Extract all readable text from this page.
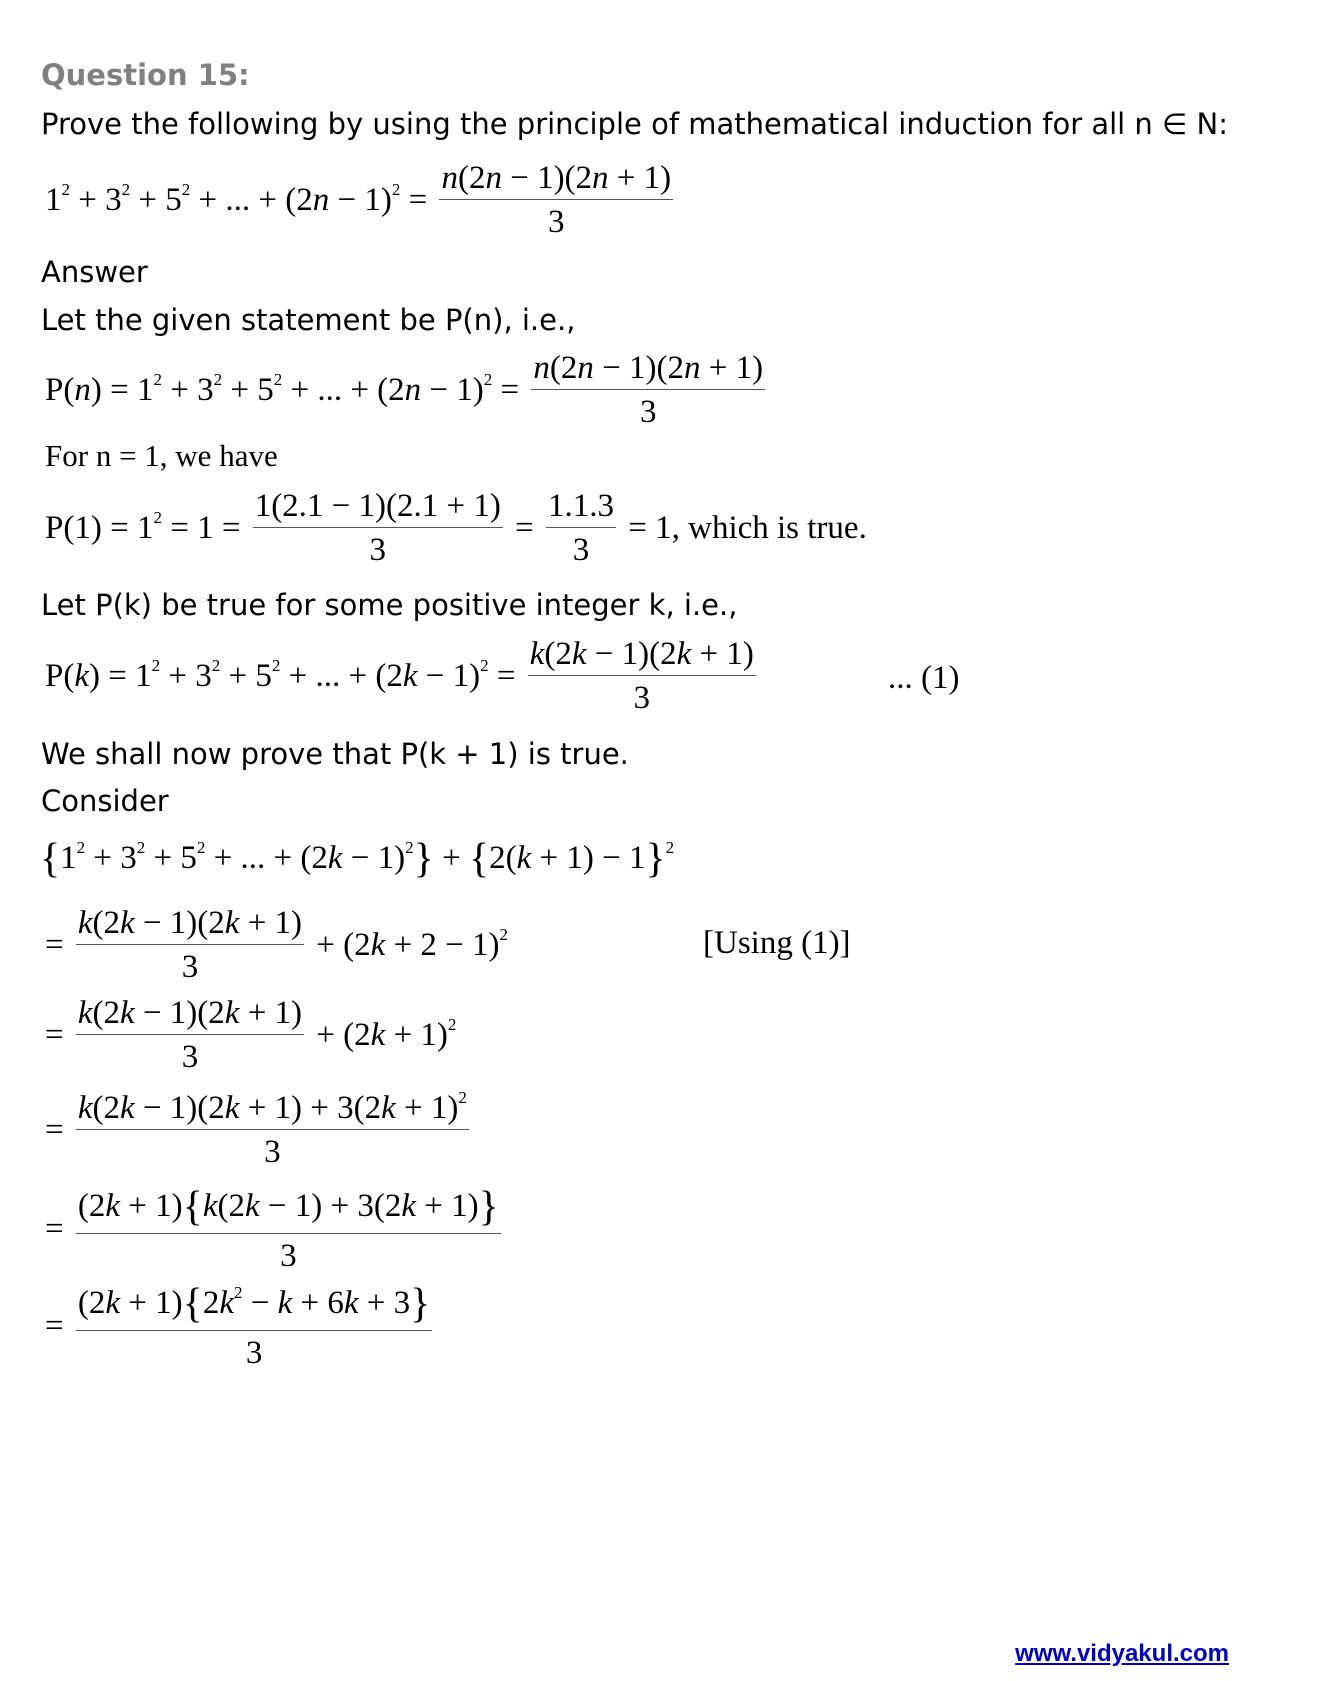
Question 15:
Prove the following by using the principle of mathematical induction for all n ∈ N:
$1^2 + 3^2 + 5^2$ + ... + $(2n - 1)^2 = \frac{n(2n - 1)(2n + 1)}{3}$
Answer
Let the given statement be P(n), i.e.,
$P(n) = 1^2 + 3^2 + 5^2$ + ... + $(2n - 1)^2 = \frac{n(2n - 1)(2n + 1)}{3}$
For n = 1, we have
$P(1) = 1^2 = 1 = \frac{1(2.1 - 1)(2.1 + 1)}{3} = \frac{1.1.3}{3} = 1$, which is true.
Let P(k) be true for some positive integer k, i.e.,
$P(k) = 1^2 + 3^2 + 5^2$ + ... + $(2k - 1)^2 = \frac{k(2k - 1)(2k + 1)}{3}$	... (1)
We shall now prove that P(k + 1) is true.
Consider
{$1^2 + 3^2 + 5^2$ + ... + $(2k - 1)^2\} + \{2(k + 1) - 1\}^2$
= $\frac{k(2k - 1)(2k + 1)}{3} + (2k + 2 - 1)^2$	[Using (1)]
= $\frac{k(2k - 1)(2k + 1)}{3} + (2k + 1)^2$
= $\frac{k(2k - 1)(2k + 1) + 3(2k + 1)^2}{3}$
= $\frac{(2k + 1)\{k(2k - 1) + 3(2k + 1)\}}{3}$
= $\frac{(2k + 1)\{2k^2 - k + 6k + 3\}}{3}$
www.vidyakul.com
